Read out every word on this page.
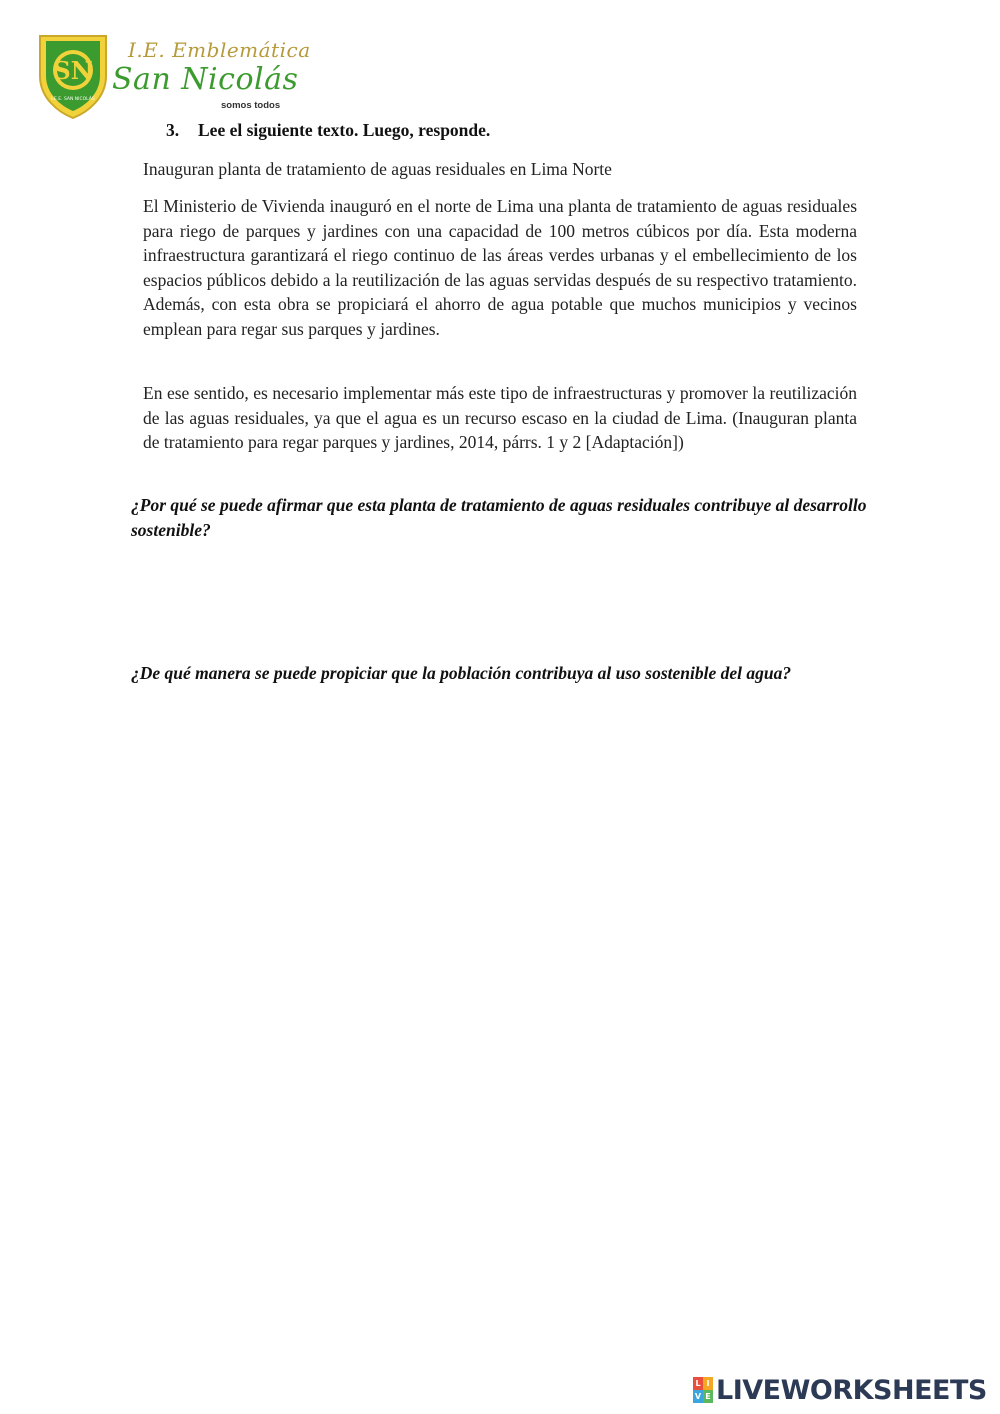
SN
I.E.E. SAN NICOLÁS
I.E. Emblemática
San Nicolás
somos todos
3. Lee el siguiente texto. Luego, responde.
Inauguran planta de tratamiento de aguas residuales en Lima Norte

El Ministerio de Vivienda inauguró en el norte de Lima una planta de tratamiento de aguas residuales para riego de parques y jardines con una capacidad de 100 metros cúbicos por día. Esta moderna infraestructura garantizará el riego continuo de las áreas verdes urbanas y el embellecimiento de los espacios públicos debido a la reutilización de las aguas servidas después de su respectivo tratamiento. Además, con esta obra se propiciará el ahorro de agua potable que muchos municipios y vecinos emplean para regar sus parques y jardines.

En ese sentido, es necesario implementar más este tipo de infraestructuras y promover la reutilización de las aguas residuales, ya que el agua es un recurso escaso en la ciudad de Lima. (Inauguran planta de tratamiento para regar parques y jardines, 2014, párrs. 1 y 2 [Adaptación])

¿Por qué se puede afirmar que esta planta de tratamiento de aguas residuales contribuye al desarrollo sostenible?

¿De qué manera se puede propiciar que la población contribuya al uso sostenible del agua?

L I
V E LIVEWORKSHEETS
